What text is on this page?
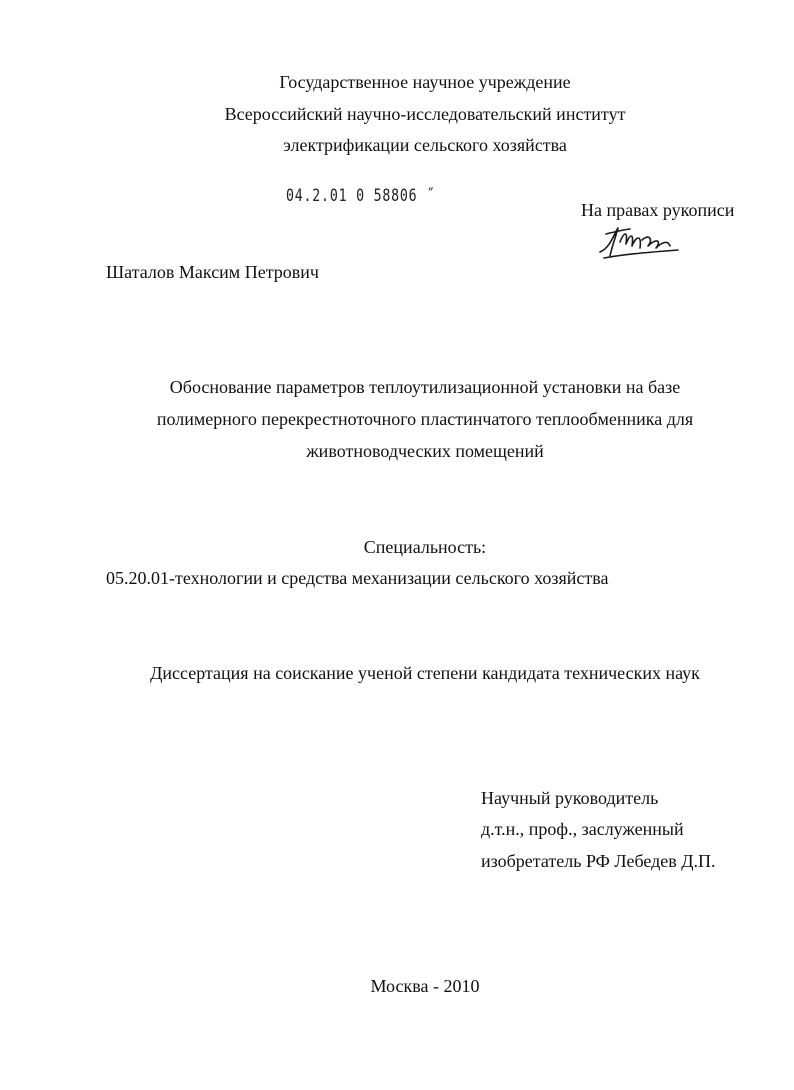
Государственное научное учреждение
Всероссийский научно-исследовательский институт
электрификации сельского хозяйства
04.2.01 0 58806 ˝
На правах рукописи
Шаталов Максим Петрович
Обоснование параметров теплоутилизационной установки на базе
полимерного перекрестноточного пластинчатого теплообменника для
животноводческих помещений
Специальность:
05.20.01-технологии и средства механизации сельского хозяйства
Диссертация на соискание ученой степени кандидата технических наук
Научный руководитель
д.т.н., проф., заслуженный
изобретатель РФ Лебедев Д.П.
Москва - 2010
